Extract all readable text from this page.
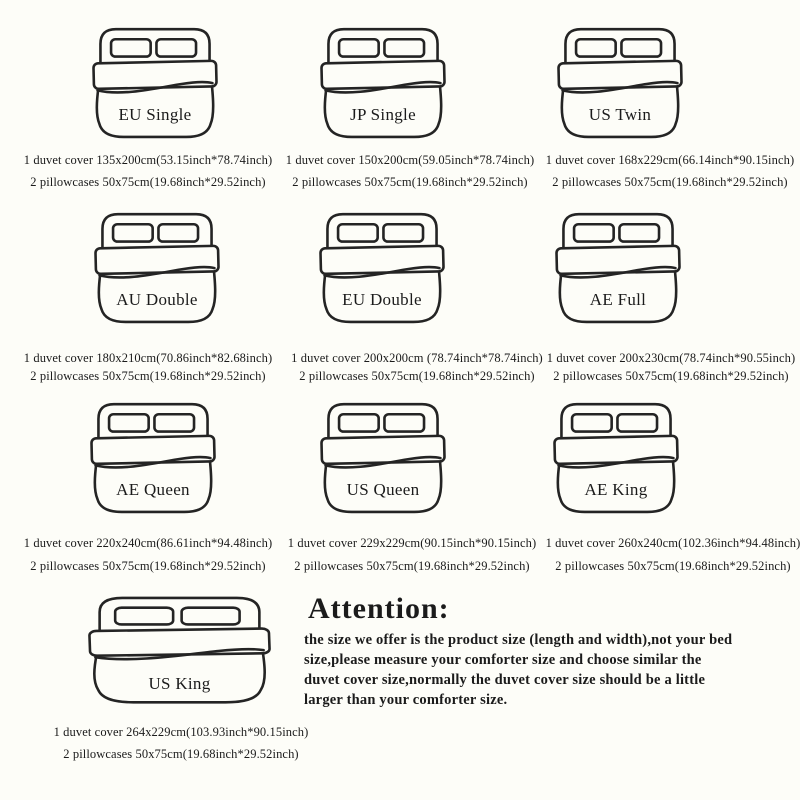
EU Single
1 duvet cover 135x200cm(53.15inch*78.74inch)
2 pillowcases 50x75cm(19.68inch*29.52inch)
JP Single
1 duvet cover 150x200cm(59.05inch*78.74inch)
2 pillowcases 50x75cm(19.68inch*29.52inch)
US Twin
1 duvet cover 168x229cm(66.14inch*90.15inch)
2 pillowcases 50x75cm(19.68inch*29.52inch)
AU Double
1 duvet cover 180x210cm(70.86inch*82.68inch)
2 pillowcases 50x75cm(19.68inch*29.52inch)
EU Double
1 duvet cover 200x200cm (78.74inch*78.74inch)
2 pillowcases 50x75cm(19.68inch*29.52inch)
AE Full
1 duvet cover 200x230cm(78.74inch*90.55inch)
2 pillowcases 50x75cm(19.68inch*29.52inch)
AE Queen
1 duvet cover 220x240cm(86.61inch*94.48inch)
2 pillowcases 50x75cm(19.68inch*29.52inch)
US Queen
1 duvet cover 229x229cm(90.15inch*90.15inch)
2 pillowcases 50x75cm(19.68inch*29.52inch)
AE King
1 duvet cover 260x240cm(102.36inch*94.48inch)
2 pillowcases 50x75cm(19.68inch*29.52inch)
US King
1 duvet cover 264x229cm(103.93inch*90.15inch)
2 pillowcases 50x75cm(19.68inch*29.52inch)
Attention:
the size we offer is the product size (length and width),not your bed
size,please measure your comforter size and choose similar the
duvet cover size,normally the duvet cover size should be a little
larger than your comforter size.
